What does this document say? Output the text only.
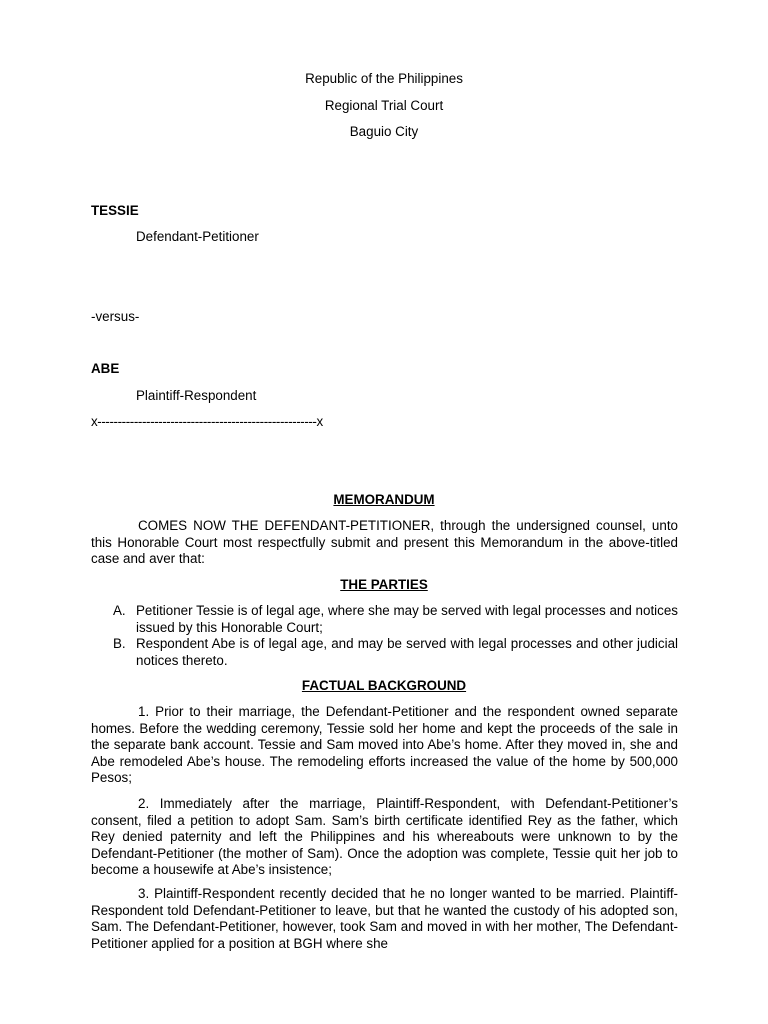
Republic of the Philippines
Regional Trial Court
Baguio City
TESSIE
Defendant-Petitioner
-versus-
ABE
Plaintiff-Respondent
x------------------------------------------------------x
MEMORANDUM
COMES NOW THE DEFENDANT-PETITIONER, through the undersigned counsel, unto this Honorable Court most respectfully submit and present this Memorandum in the above-titled case and aver that:
THE PARTIES
A. Petitioner Tessie is of legal age, where she may be served with legal processes and notices issued by this Honorable Court;
B. Respondent Abe is of legal age, and may be served with legal processes and other judicial notices thereto.
FACTUAL BACKGROUND
1. Prior to their marriage, the Defendant-Petitioner and the respondent owned separate homes. Before the wedding ceremony, Tessie sold her home and kept the proceeds of the sale in the separate bank account. Tessie and Sam moved into Abe’s home. After they moved in, she and Abe remodeled Abe’s house. The remodeling efforts increased the value of the home by 500,000 Pesos;
2. Immediately after the marriage, Plaintiff-Respondent, with Defendant-Petitioner’s consent, filed a petition to adopt Sam. Sam’s birth certificate identified Rey as the father, which Rey denied paternity and left the Philippines and his whereabouts were unknown to by the Defendant-Petitioner (the mother of Sam). Once the adoption was complete, Tessie quit her job to become a housewife at Abe’s insistence;
3. Plaintiff-Respondent recently decided that he no longer wanted to be married. Plaintiff-Respondent told Defendant-Petitioner to leave, but that he wanted the custody of his adopted son, Sam. The Defendant-Petitioner, however, took Sam and moved in with her mother, The Defendant-Petitioner applied for a position at BGH where she
